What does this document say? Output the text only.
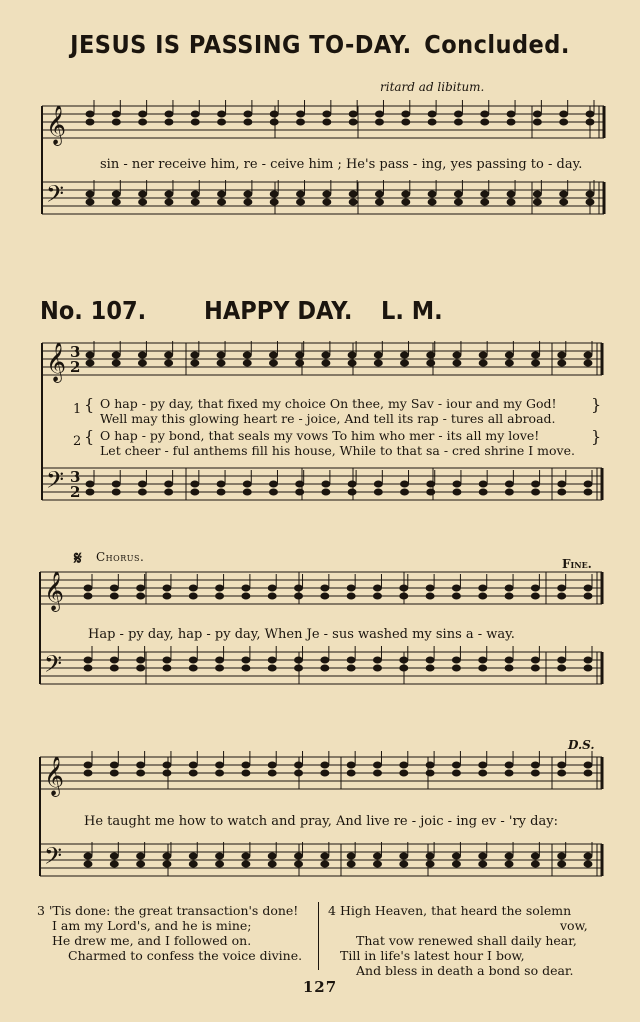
JESUS IS PASSING TO-DAY. Concluded.
ritard ad libitum.
𝄞
𝄢
𝄞
𝄢
𝄞
𝄢
𝄞
𝄢
3
2
3
2
sin - ner receive him, re - ceive him ; He's pass - ing, yes passing to - day.
No. 107. HAPPY DAY. L. M.
1 { O hap - py day, that fixed my choice On thee, my Sav - iour and my God!
Well may this glowing heart re - joice, And tell its rap - tures all abroad.
}
2 { O hap - py bond, that seals my vows To him who mer - its all my love!
Let cheer - ful anthems fill his house, While to that sa - cred shrine I move.
}
𝄋 Chorus.	Fine.
Hap - py day, hap - py day, When Je - sus washed my sins a - way.
D.S.
He taught me how to watch and pray, And live re - joic - ing ev - 'ry day:
3 'Tis done: the great transaction's done!
I am my Lord's, and he is mine;
He drew me, and I followed on.
Charmed to confess the voice divine.
4 High Heaven, that heard the solemn
vow,
That vow renewed shall daily hear,
Till in life's latest hour I bow,
And bless in death a bond so dear.
127
